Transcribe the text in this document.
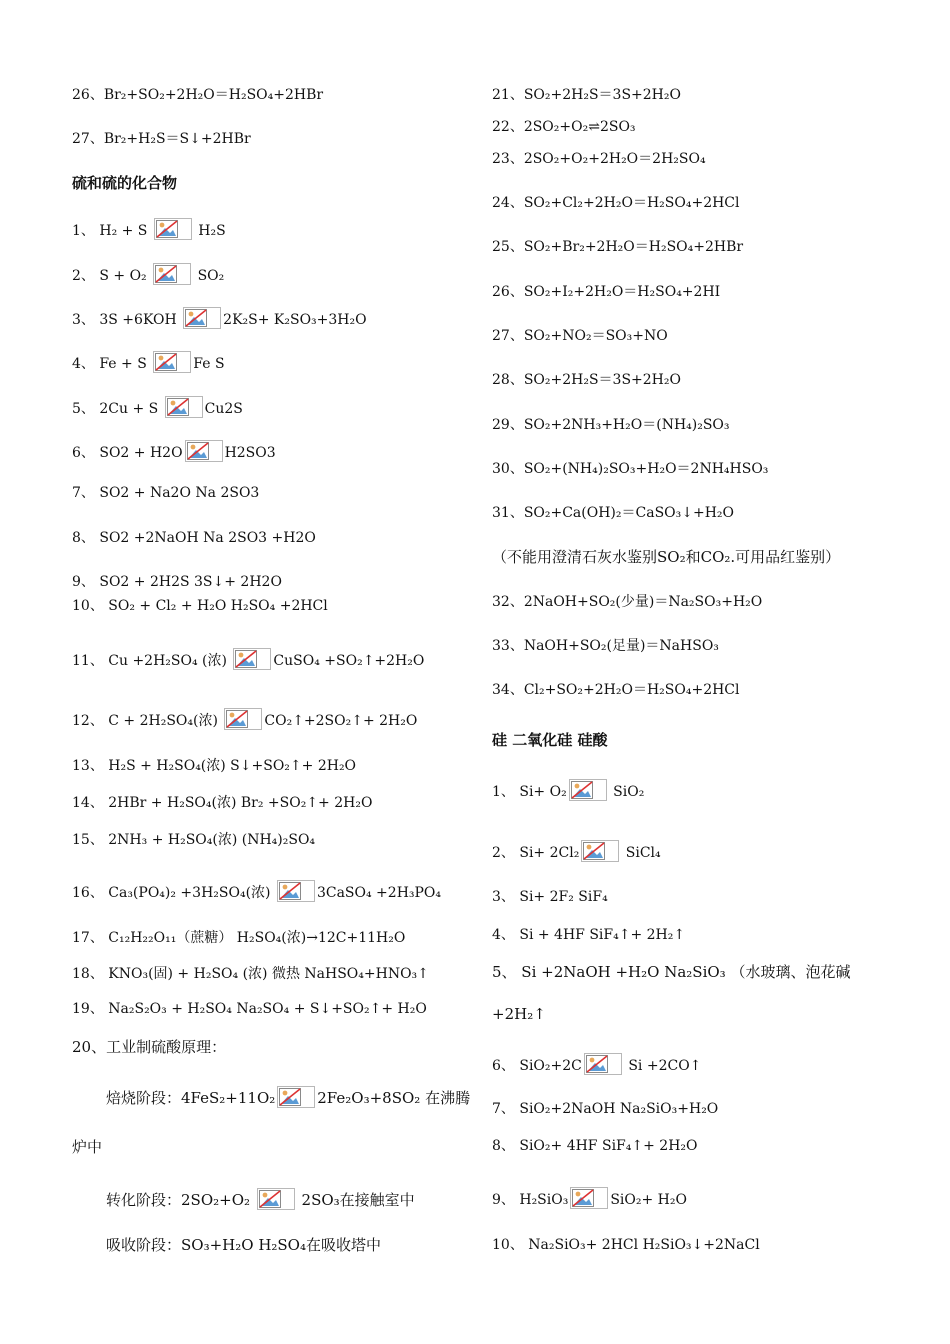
26、Br₂+SO₂+2H₂O＝H₂SO₄+2HBr
27、Br₂+H₂S＝S↓+2HBr
硫和硫的化合物
1、 H₂ + S	H₂S
2、 S + O₂	SO₂
3、 3S +6KOH	2K₂S+ K₂SO₃+3H₂O
4、 Fe + S	Fe S
5、 2Cu + S	Cu2S
6、 SO2 + H2O	H2SO3
7、 SO2 + Na2O Na 2SO3
8、 SO2 +2NaOH Na 2SO3 +H2O
9、 SO2 + 2H2S 3S↓+ 2H2O
10、 SO₂ + Cl₂ + H₂O H₂SO₄ +2HCl
11、 Cu +2H₂SO₄ (浓)	CuSO₄ +SO₂↑+2H₂O
12、 C + 2H₂SO₄(浓)	CO₂↑+2SO₂↑+ 2H₂O
13、 H₂S + H₂SO₄(浓) S↓+SO₂↑+ 2H₂O
14、 2HBr + H₂SO₄(浓) Br₂ +SO₂↑+ 2H₂O
15、 2NH₃ + H₂SO₄(浓) (NH₄)₂SO₄
16、 Ca₃(PO₄)₂ +3H₂SO₄(浓)	3CaSO₄ +2H₃PO₄
17、 C₁₂H₂₂O₁₁（蔗糖） H₂SO₄(浓)→12C+11H₂O
18、 KNO₃(固) + H₂SO₄ (浓) 微热 NaHSO₄+HNO₃↑
19、 Na₂S₂O₃ + H₂SO₄ Na₂SO₄ + S↓+SO₂↑+ H₂O
20、工业制硫酸原理：
焙烧阶段：4FeS₂+11O₂	2Fe₂O₃+8SO₂ 在沸腾
炉中
转化阶段：2SO₂+O₂	2SO₃在接触室中
吸收阶段：SO₃+H₂O H₂SO₄在吸收塔中
21、SO₂+2H₂S＝3S+2H₂O
22、2SO₂+O₂⇌2SO₃
23、2SO₂+O₂+2H₂O＝2H₂SO₄
24、SO₂+Cl₂+2H₂O＝H₂SO₄+2HCl
25、SO₂+Br₂+2H₂O＝H₂SO₄+2HBr
26、SO₂+I₂+2H₂O＝H₂SO₄+2HI
27、SO₂+NO₂＝SO₃+NO
28、SO₂+2H₂S＝3S+2H₂O
29、SO₂+2NH₃+H₂O＝(NH₄)₂SO₃
30、SO₂+(NH₄)₂SO₃+H₂O＝2NH₄HSO₃
31、SO₂+Ca(OH)₂＝CaSO₃↓+H₂O
（不能用澄清石灰水鉴别SO₂和CO₂.可用品红鉴别）
32、2NaOH+SO₂(少量)＝Na₂SO₃+H₂O
33、NaOH+SO₂(足量)＝NaHSO₃
34、Cl₂+SO₂+2H₂O＝H₂SO₄+2HCl
硅 二氧化硅 硅酸
1、 Si+ O₂	SiO₂
2、 Si+ 2Cl₂	SiCl₄
3、 Si+ 2F₂ SiF₄
4、 Si + 4HF SiF₄↑+ 2H₂↑
5、 Si +2NaOH +H₂O Na₂SiO₃ （水玻璃、泡花碱
+2H₂↑
6、 SiO₂+2C	Si +2CO↑
7、 SiO₂+2NaOH Na₂SiO₃+H₂O
8、 SiO₂+ 4HF SiF₄↑+ 2H₂O
9、 H₂SiO₃	SiO₂+ H₂O
10、 Na₂SiO₃+ 2HCl H₂SiO₃↓+2NaCl
